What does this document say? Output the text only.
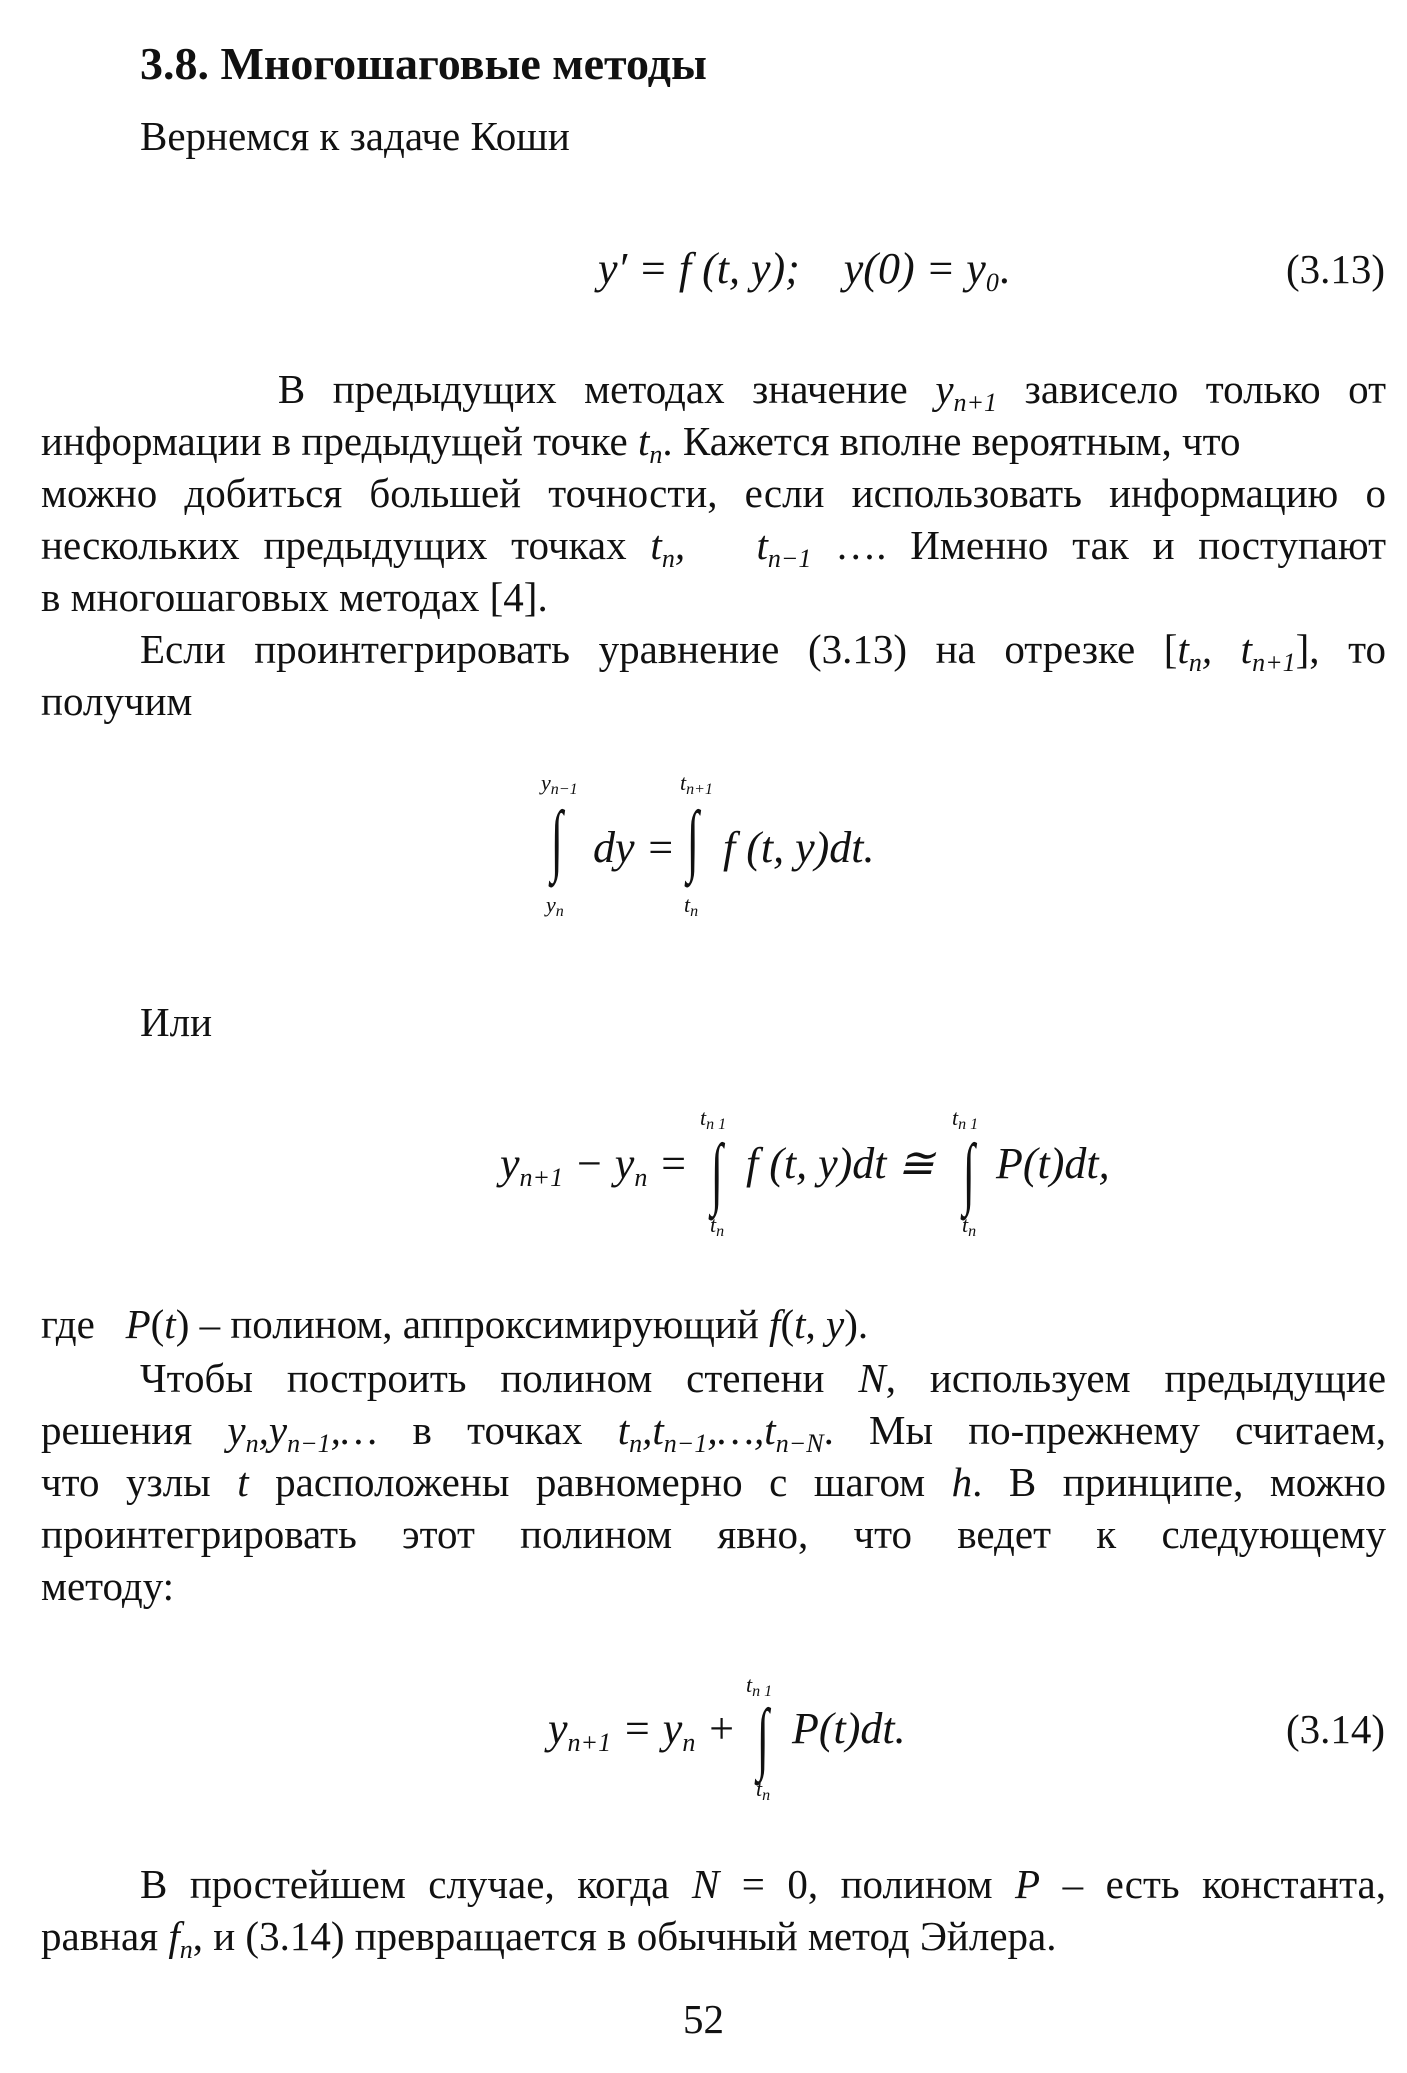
3.8. Многошаговые методы
Вернемся к задаче Коши
y′ = f (t, y);    $y(0) = y_0$.	(3.13)
В предыдущих методах значение $y_{n+1}$ зависело только от
информации в предыдущей точке $t_n$. Кажется вполне вероятным, что
можно добиться большей точности, если использовать информацию о
нескольких предыдущих точках $t_n$,   $t_{n-1}$ …. Именно так и поступают
в многошаговых методах [4].
Если проинтегрировать уравнение (3.13) на отрезке [$t_n$, $t_{n+1}$], то
получим
$y_{n-1}$
∫
$y_n$
dy =
$t_{n+1}$
∫
$t_n$
f (t, y)dt.
Или
$y_{n+1} - y_n$ =
$t_{n 1}$
∫
$t_n$
f (t, y)dt ≅
$t_{n 1}$
∫
$t_n$
P(t)dt,
где P(t) – полином, аппроксимирующий f(t, y).
Чтобы построить полином степени N, используем предыдущие
решения $y_n,y_{n-1},\dots$ в точках $t_n,t_{n-1},\dots,t_{n-N}$. Мы по-прежнему считаем,
что узлы t расположены равномерно с шагом h. В принципе, можно
проинтегрировать этот полином явно, что ведет к следующему
методу:
$y_{n+1} = y_n$ +
$t_{n 1}$
∫
$t_n$
P(t)dt.	(3.14)
В простейшем случае, когда N = 0, полином P – есть константа,
равная $f_n$, и (3.14) превращается в обычный метод Эйлера.
52
